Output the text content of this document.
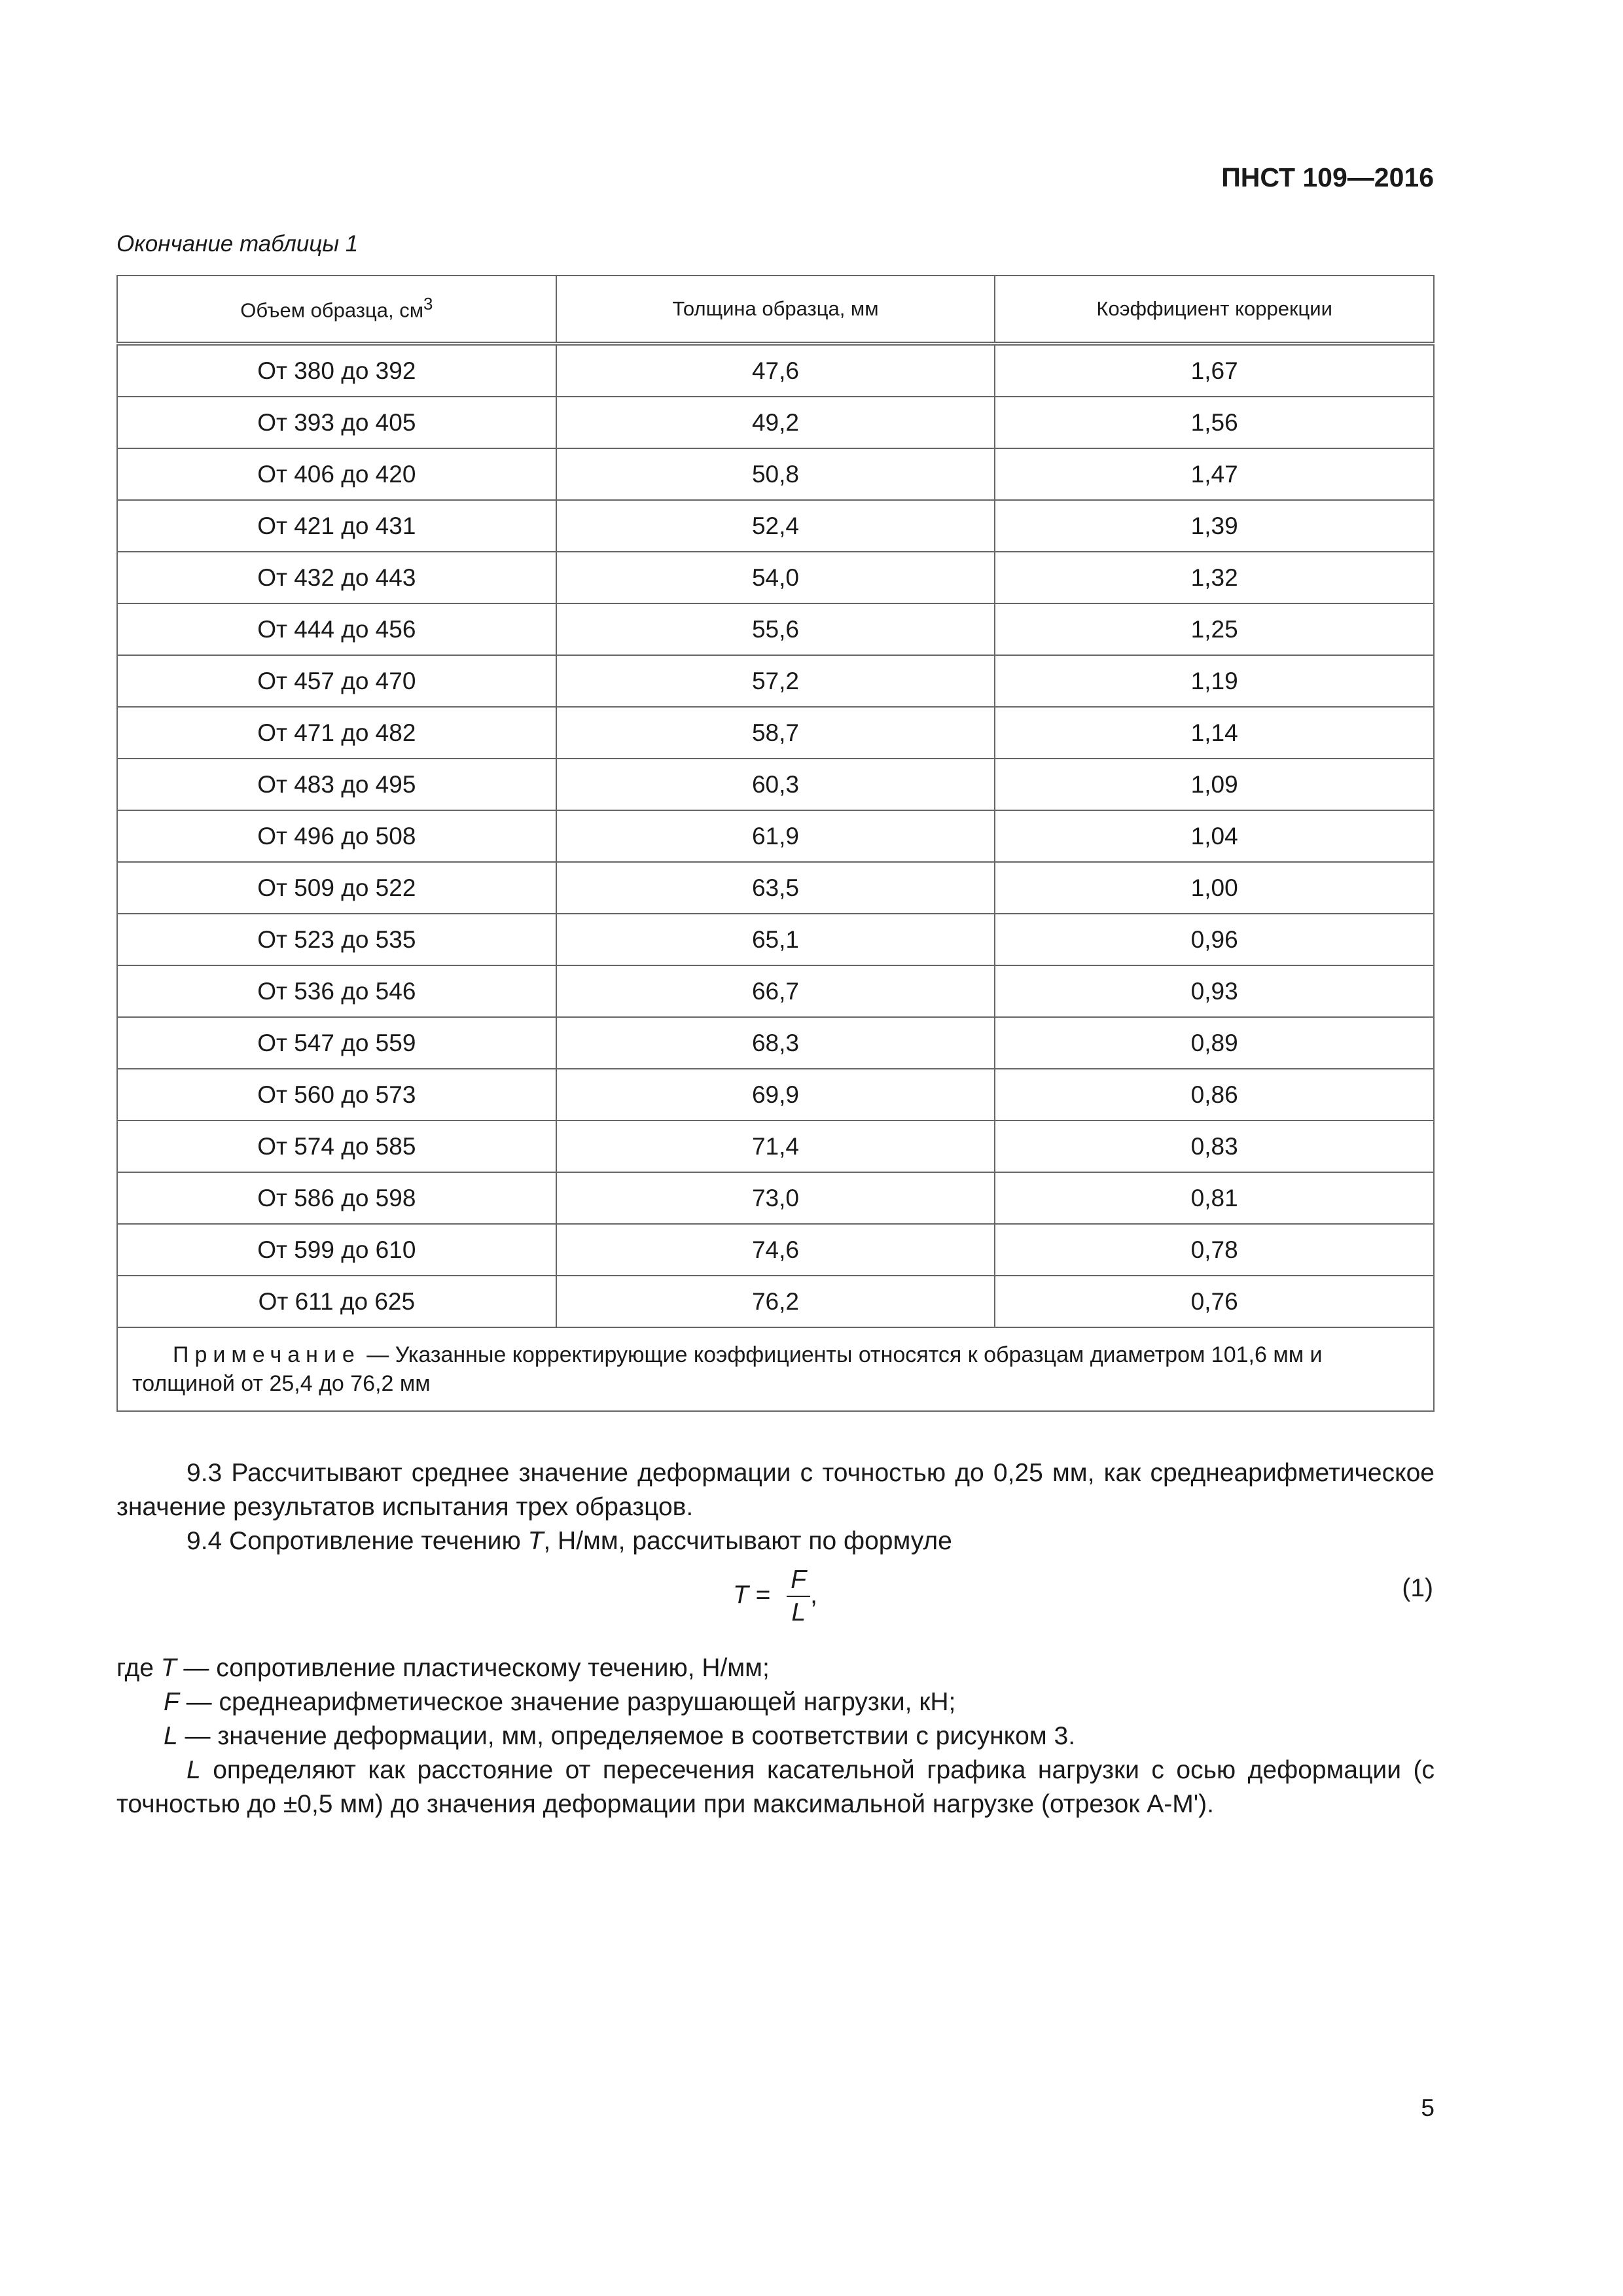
ПНСТ 109—2016
Окончание таблицы 1
Объем образца, $см^3$	Толщина образца, мм	Коэффициент коррекции
От 380 до 392	47,6	1,67
От 393 до 405	49,2	1,56
От 406 до 420	50,8	1,47
От 421 до 431	52,4	1,39
От 432 до 443	54,0	1,32
От 444 до 456	55,6	1,25
От 457 до 470	57,2	1,19
От 471 до 482	58,7	1,14
От 483 до 495	60,3	1,09
От 496 до 508	61,9	1,04
От 509 до 522	63,5	1,00
От 523 до 535	65,1	0,96
От 536 до 546	66,7	0,93
От 547 до 559	68,3	0,89
От 560 до 573	69,9	0,86
От 574 до 585	71,4	0,83
От 586 до 598	73,0	0,81
От 599 до 610	74,6	0,78
От 611 до 625	76,2	0,76
Примечание — Указанные корректирующие коэффициенты относятся к образцам диаметром 101,6 мм и толщиной от 25,4 до 76,2 мм		
9.3 Рассчитывают среднее значение деформации с точностью до 0,25 мм, как среднеарифметическое значение результатов испытания трех образцов.
9.4 Сопротивление течению T, Н/мм, рассчитывают по формуле
$T = \frac{F}{L}$ ,	(1)
где T — сопротивление пластическому течению, Н/мм;
F — среднеарифметическое значение разрушающей нагрузки, кН;
L — значение деформации, мм, определяемое в соответствии с рисунком 3.
L определяют как расстояние от пересечения касательной графика нагрузки с осью деформации (с точностью до ±0,5 мм) до значения деформации при максимальной нагрузке (отрезок А-М').
5
